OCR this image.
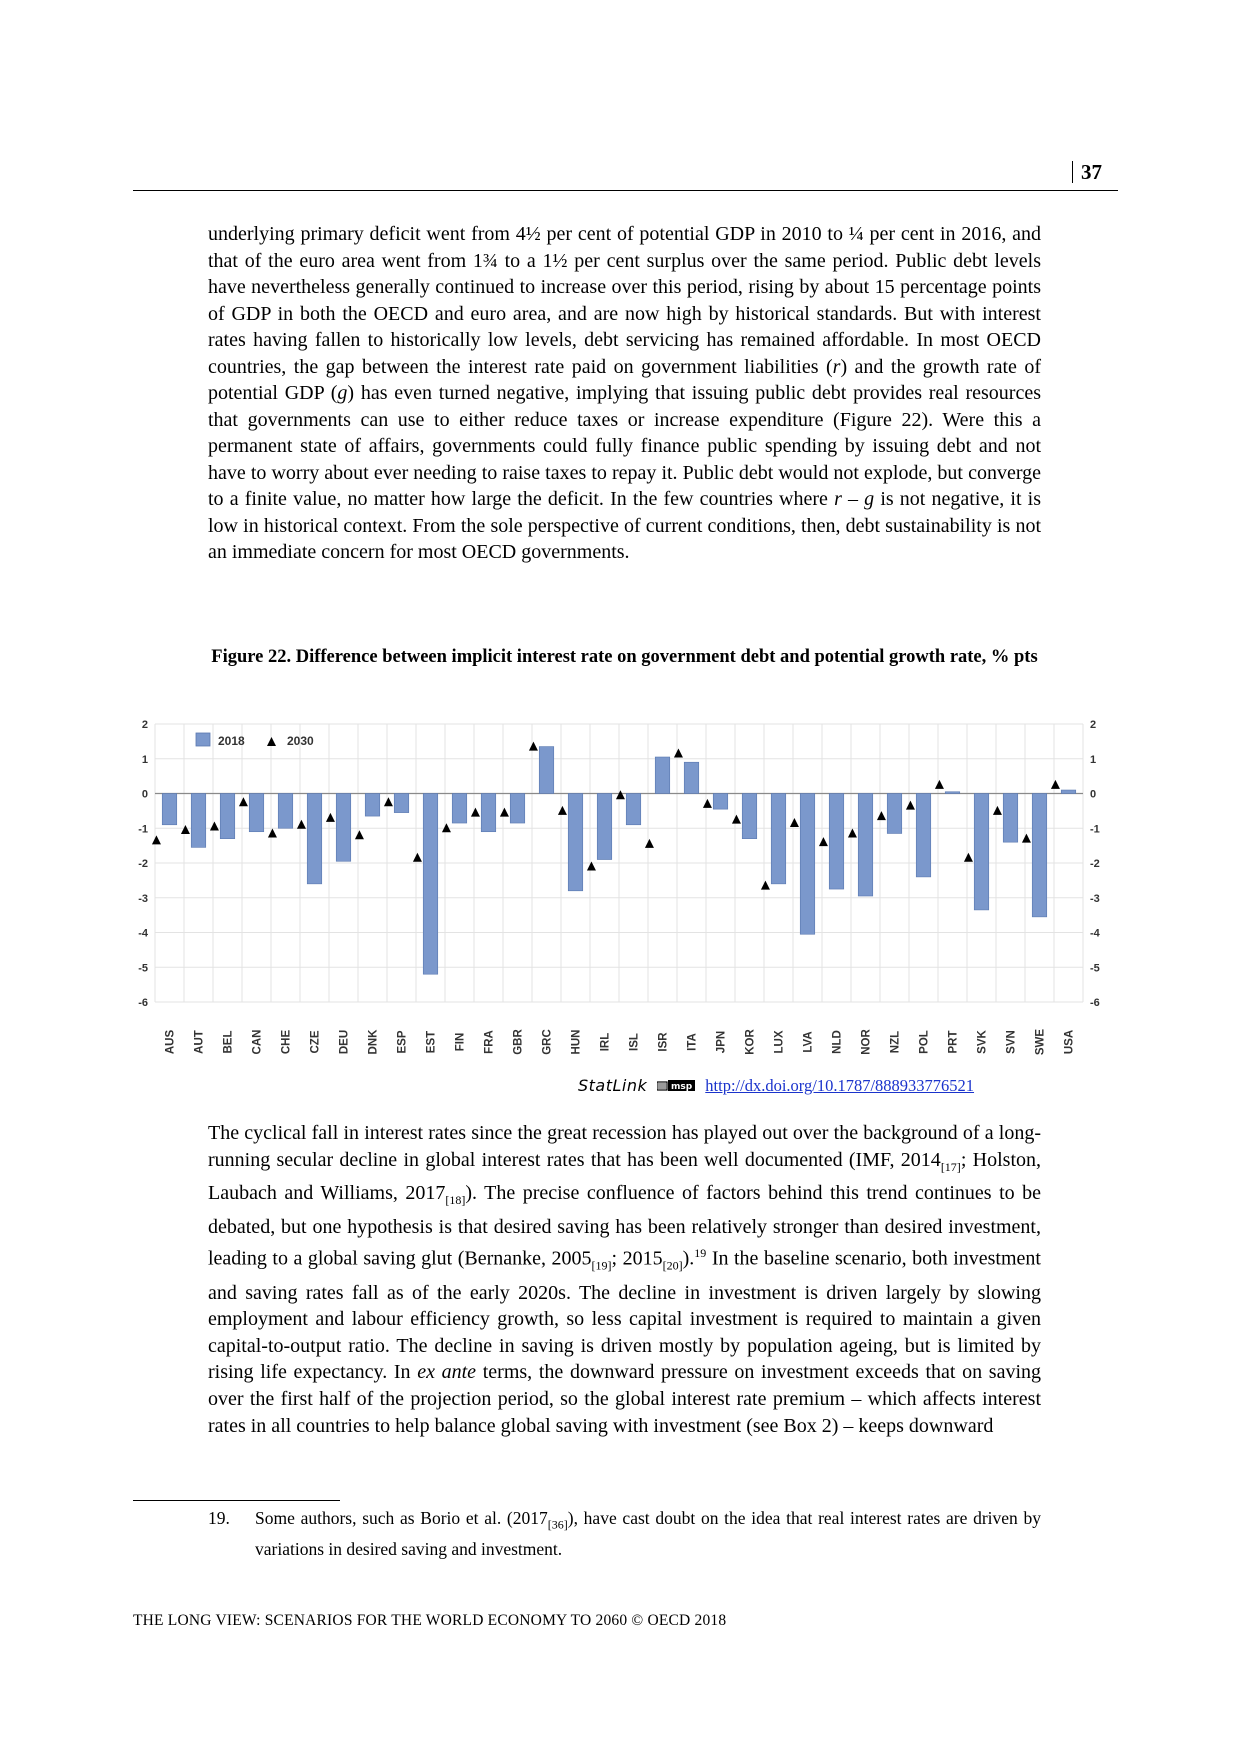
37

underlying primary deficit went from 4½ per cent of potential GDP in 2010 to ¼ per cent in 2016, and that of the euro area went from 1¾ to a 1½ per cent surplus over the same period. Public debt levels have nevertheless generally continued to increase over this period, rising by about 15 percentage points of GDP in both the OECD and euro area, and are now high by historical standards. But with interest rates having fallen to historically low levels, debt servicing has remained affordable. In most OECD countries, the gap between the interest rate paid on government liabilities (r) and the growth rate of potential GDP (g) has even turned negative, implying that issuing public debt provides real resources that governments can use to either reduce taxes or increase expenditure (Figure 22). Were this a permanent state of affairs, governments could fully finance public spending by issuing debt and not have to worry about ever needing to raise taxes to repay it. Public debt would not explode, but converge to a finite value, no matter how large the deficit. In the few countries where r – g is not negative, it is low in historical context. From the sole perspective of current conditions, then, debt sustainability is not an immediate concern for most OECD governments.

Figure 22. Difference between implicit interest rate on government debt and potential growth rate, % pts

2	2
1	1
0	0
-1	-1
-2	-2
-3	-3
-4	-4
-5	-5
-6	-6
AUS AUT BEL CAN CHE CZE DEU DNK ESP EST FIN FRA GBR GRC HUN IRL ISL ISR ITA JPN KOR LUX LVA NLD NOR NZL POL PRT SVK SVN SWE USA
2018	2030
StatLink	msp http://dx.doi.org/10.1787/888933776521

The cyclical fall in interest rates since the great recession has played out over the background of a long-running secular decline in global interest rates that has been well documented (IMF, $2014_{[17]}$; Holston, Laubach and Williams, $2017_{[18]}$). The precise confluence of factors behind this trend continues to be debated, but one hypothesis is that desired saving has been relatively stronger than desired investment, leading to a global saving glut (Bernanke, $2005_{[19]}$; $2015_{[20]}).^{19}$ In the baseline scenario, both investment and saving rates fall as of the early 2020s. The decline in investment is driven largely by slowing employment and labour efficiency growth, so less capital investment is required to maintain a given capital-to-output ratio. The decline in saving is driven mostly by population ageing, but is limited by rising life expectancy. In ex ante terms, the downward pressure on investment exceeds that on saving over the first half of the projection period, so the global interest rate premium – which affects interest rates in all countries to help balance global saving with investment (see Box 2) – keeps downward

19. Some authors, such as Borio et al. $(2017_{[36]})$, have cast doubt on the idea that real interest rates are driven by variations in desired saving and investment.
THE LONG VIEW: SCENARIOS FOR THE WORLD ECONOMY TO 2060 © OECD 2018
